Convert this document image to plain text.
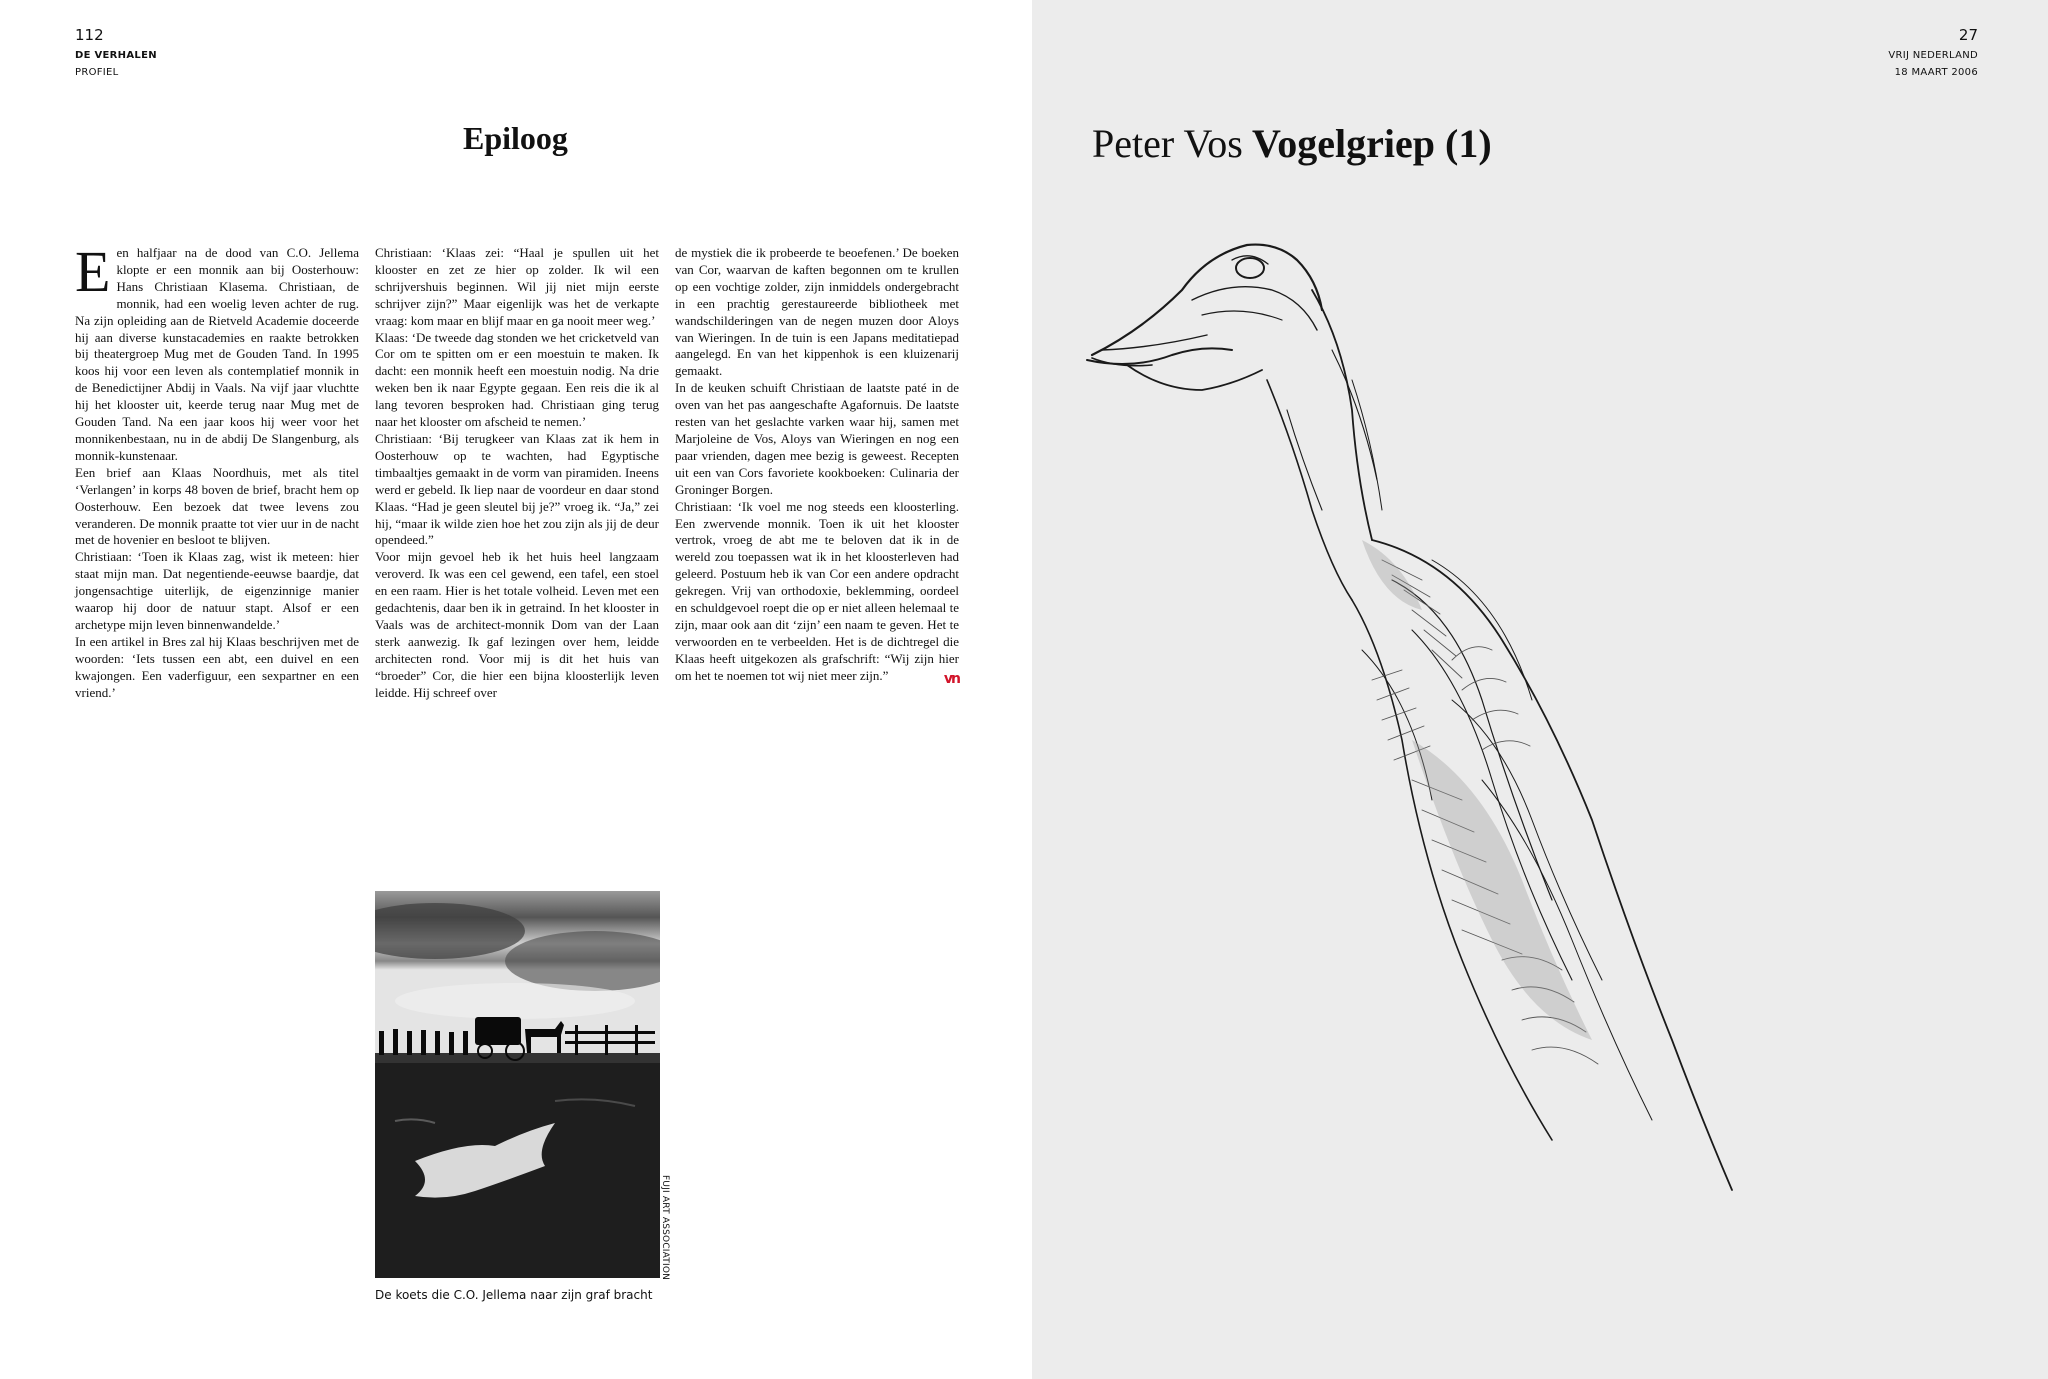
112
DE VERHALEN
PROFIEL
Epiloog

Een halfjaar na de dood van C.O. Jellema klopte er een monnik aan bij Oosterhouw: Hans Christiaan Klasema. Christiaan, de monnik, had een woelig leven achter de rug. Na zijn opleiding aan de Rietveld Academie doceerde hij aan diverse kunstacademies en raakte betrokken bij theatergroep Mug met de Gouden Tand. In 1995 koos hij voor een leven als contemplatief monnik in de Benedictijner Abdij in Vaals. Na vijf jaar vluchtte hij het klooster uit, keerde terug naar Mug met de Gouden Tand. Na een jaar koos hij weer voor het monnikenbestaan, nu in de abdij De Slangenburg, als monnik-kunstenaar.

Een brief aan Klaas Noordhuis, met als titel ‘Verlangen’ in korps 48 boven de brief, bracht hem op Oosterhouw. Een bezoek dat twee levens zou veranderen. De monnik praatte tot vier uur in de nacht met de hovenier en besloot te blijven.

Christiaan: ‘Toen ik Klaas zag, wist ik meteen: hier staat mijn man. Dat negentiende-eeuwse baardje, dat jongensachtige uiterlijk, de eigenzinnige manier waarop hij door de natuur stapt. Alsof er een archetype mijn leven binnenwandelde.’

In een artikel in Bres zal hij Klaas beschrijven met de woorden: ‘Iets tussen een abt, een duivel en een kwajongen. Een vaderfiguur, een sexpartner en een vriend.’

Christiaan: ‘Klaas zei: “Haal je spullen uit het klooster en zet ze hier op zolder. Ik wil een schrijvershuis beginnen. Wil jij niet mijn eerste schrijver zijn?” Maar eigenlijk was het de verkapte vraag: kom maar en blijf maar en ga nooit meer weg.’

Klaas: ‘De tweede dag stonden we het cricketveld van Cor om te spitten om er een moestuin te maken. Ik dacht: een monnik heeft een moestuin nodig. Na drie weken ben ik naar Egypte gegaan. Een reis die ik al lang tevoren besproken had. Christiaan ging terug naar het klooster om afscheid te nemen.’

Christiaan: ‘Bij terugkeer van Klaas zat ik hem in Oosterhouw op te wachten, had Egyptische timbaaltjes gemaakt in de vorm van piramiden. Ineens werd er gebeld. Ik liep naar de voordeur en daar stond Klaas. “Had je geen sleutel bij je?” vroeg ik. “Ja,” zei hij, “maar ik wilde zien hoe het zou zijn als jij de deur opendeed.”

Voor mijn gevoel heb ik het huis heel langzaam veroverd. Ik was een cel gewend, een tafel, een stoel en een raam. Hier is het totale volheid. Leven met een gedachtenis, daar ben ik in getraind. In het klooster in Vaals was de architect-monnik Dom van der Laan sterk aanwezig. Ik gaf lezingen over hem, leidde architecten rond. Voor mij is dit het huis van “broeder” Cor, die hier een bijna kloosterlijk leven leidde. Hij schreef over

de mystiek die ik probeerde te beoefenen.’ De boeken van Cor, waarvan de kaften begonnen om te krullen op een vochtige zolder, zijn inmiddels ondergebracht in een prachtig gerestaureerde bibliotheek met wandschilderingen van de negen muzen door Aloys van Wieringen. In de tuin is een Japans meditatiepad aangelegd. En van het kippenhok is een kluizenarij gemaakt.

In de keuken schuift Christiaan de laatste paté in de oven van het pas aangeschafte Agafornuis. De laatste resten van het geslachte varken waar hij, samen met Marjoleine de Vos, Aloys van Wieringen en nog een paar vrienden, dagen mee bezig is geweest. Recepten uit een van Cors favoriete kookboeken: Culinaria der Groninger Borgen.

Christiaan: ‘Ik voel me nog steeds een kloosterling. Een zwervende monnik. Toen ik uit het klooster vertrok, vroeg de abt me te beloven dat ik in de wereld zou toepassen wat ik in het kloosterleven had geleerd. Postuum heb ik van Cor een andere opdracht gekregen. Vrij van orthodoxie, beklemming, oordeel en schuldgevoel roept die op er niet alleen helemaal te zijn, maar ook aan dit ‘zijn’ een naam te geven. Het te verwoorden en te verbeelden. Het is de dichtregel die Klaas heeft uitgekozen als grafschrift: “Wij zijn hier om het te noemen tot wij niet meer zijn.”	vn
FUJI ART ASSOCIATION
De koets die C.O. Jellema naar zijn graf bracht
27
VRIJ NEDERLAND
18 MAART 2006
Peter Vos Vogelgriep (1)
